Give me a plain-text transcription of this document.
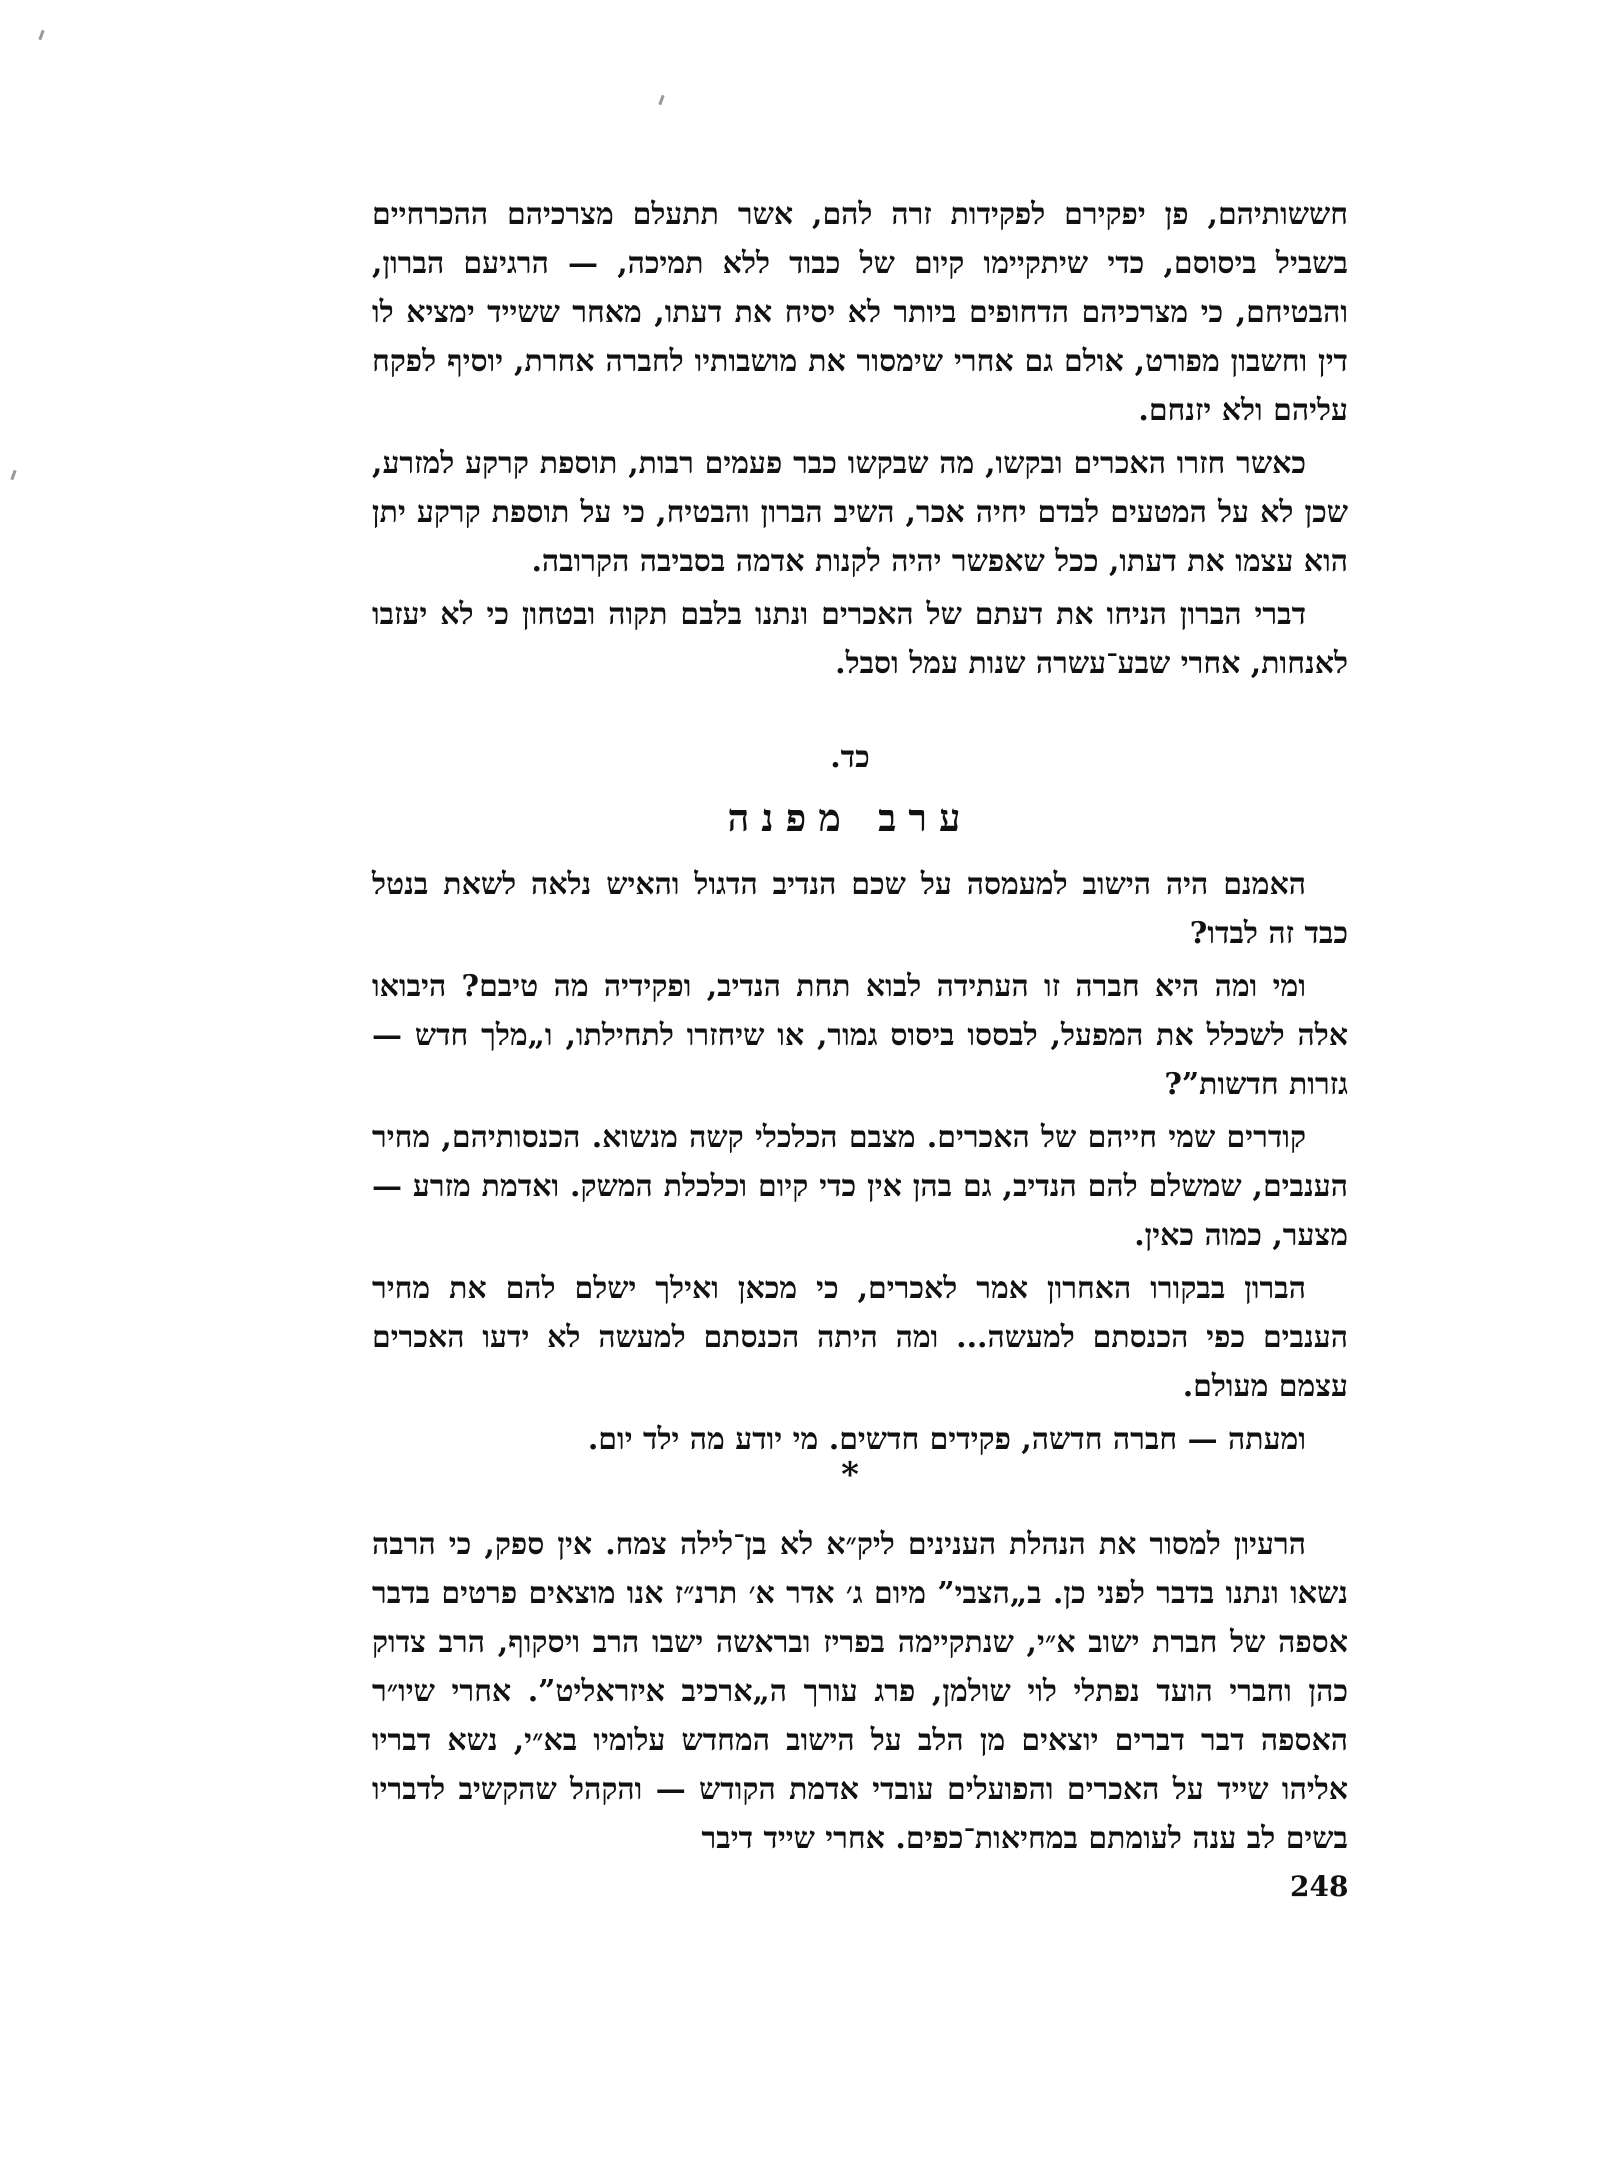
חששותיהם, פן יפקירם לפקידות זרה להם, אשר תתעלם מצרכיהם ההכרחיים בשביל ביסוסם, כדי שיתקיימו קיום של כבוד ללא תמיכה, — הרגיעם הברון, והבטיחם, כי מצרכיהם הדחופים ביותר לא יסיח את דעתו, מאחר ששייד ימציא לו דין וחשבון מפורט, אולם גם אחרי שימסור את מושבותיו לחברה אחרת, יוסיף לפקח עליהם ולא יזנחם.

כאשר חזרו האכרים ובקשו, מה שבקשו כבר פעמים רבות, תוספת קרקע למזרע, שכן לא על המטעים לבדם יחיה אכר, השיב הברון והבטיח, כי על תוספת קרקע יתן הוא עצמו את דעתו, ככל שאפשר יהיה לקנות אדמה בסביבה הקרובה.

דברי הברון הניחו את דעתם של האכרים ונתנו בלבם תקוה ובטחון כי לא יעזבו לאנחות, אחרי שבע־עשרה שנות עמל וסבל.

כד.
ערב מפנה

האמנם היה הישוב למעמסה על שכם הנדיב הדגול והאיש נלאה לשאת בנטל כבד זה לבדו?

ומי ומה היא חברה זו העתידה לבוא תחת הנדיב, ופקידיה מה טיבם? היבואו אלה לשכלל את המפעל, לבססו ביסוס גמור, או שיחזרו לתחילתו, ו„מלך חדש — גזרות חדשות”?

קודרים שמי חייהם של האכרים. מצבם הכלכלי קשה מנשוא. הכנסותיהם, מחיר הענבים, שמשלם להם הנדיב, גם בהן אין כדי קיום וכלכלת המשק. ואדמת מזרע — מצער, כמוה כאין.

הברון בבקורו האחרון אמר לאכרים, כי מכאן ואילך ישלם להם את מחיר הענבים כפי הכנסתם למעשה... ומה היתה הכנסתם למעשה לא ידעו האכרים עצמם מעולם.

ומעתה — חברה חדשה, פקידים חדשים. מי יודע מה ילד יום.

*

הרעיון למסור את הנהלת הענינים ליק״א לא בן־לילה צמח. אין ספק, כי הרבה נשאו ונתנו בדבר לפני כן. ב„הצבי” מיום ג׳ אדר א׳ תרנ״ז אנו מוצאים פרטים בדבר אספה של חברת ישוב א״י, שנתקיימה בפריז ובראשה ישבו הרב ויסקוף, הרב צדוק כהן וחברי הועד נפתלי לוי שולמן, פרג עורך ה„ארכיב איזראליט”. אחרי שיו״ר האספה דבר דברים יוצאים מן הלב על הישוב המחדש עלומיו בא״י, נשא דבריו אליהו שייד על האכרים והפועלים עובדי אדמת הקודש — והקהל שהקשיב לדבריו בשים לב ענה לעומתם במחיאות־כפים. אחרי שייד דיבר

248
